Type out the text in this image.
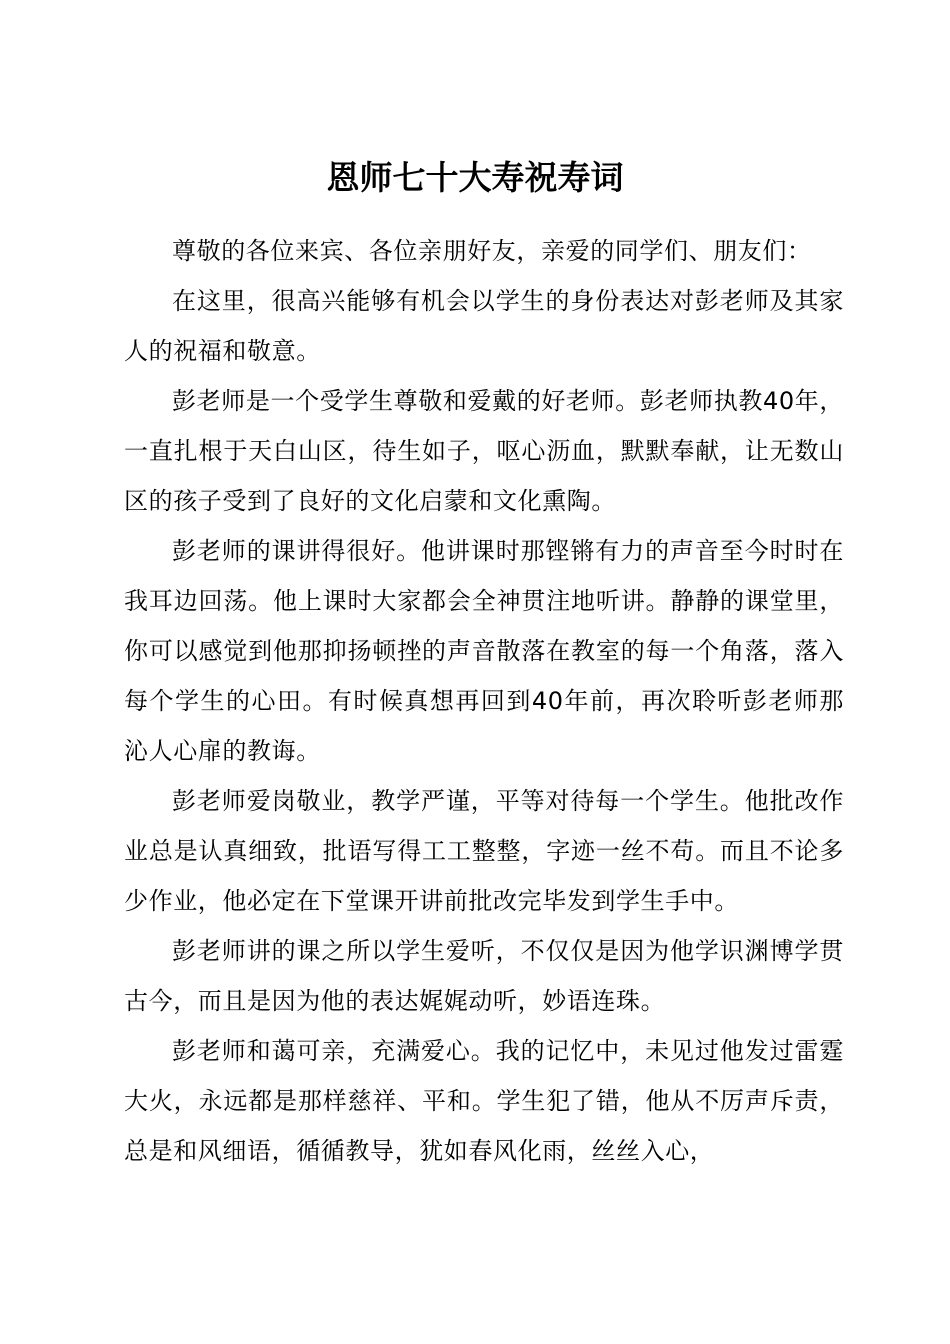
恩师七十大寿祝寿词

尊敬的各位来宾、各位亲朋好友，亲爱的同学们、朋友们：

在这里，很高兴能够有机会以学生的身份表达对彭老师及其家人的祝福和敬意。

彭老师是一个受学生尊敬和爱戴的好老师。彭老师执教40年，一直扎根于天白山区，待生如子，呕心沥血，默默奉献，让无数山区的孩子受到了良好的文化启蒙和文化熏陶。

彭老师的课讲得很好。他讲课时那铿锵有力的声音至今时时在我耳边回荡。他上课时大家都会全神贯注地听讲。静静的课堂里，你可以感觉到他那抑扬顿挫的声音散落在教室的每一个角落，落入每个学生的心田。有时候真想再回到40年前，再次聆听彭老师那沁人心扉的教诲。

彭老师爱岗敬业，教学严谨，平等对待每一个学生。他批改作业总是认真细致，批语写得工工整整，字迹一丝不苟。而且不论多少作业，他必定在下堂课开讲前批改完毕发到学生手中。

彭老师讲的课之所以学生爱听，不仅仅是因为他学识渊博学贯古今，而且是因为他的表达娓娓动听，妙语连珠。

彭老师和蔼可亲，充满爱心。我的记忆中，未见过他发过雷霆大火，永远都是那样慈祥、平和。学生犯了错，他从不厉声斥责，总是和风细语，循循教导，犹如春风化雨，丝丝入心，
